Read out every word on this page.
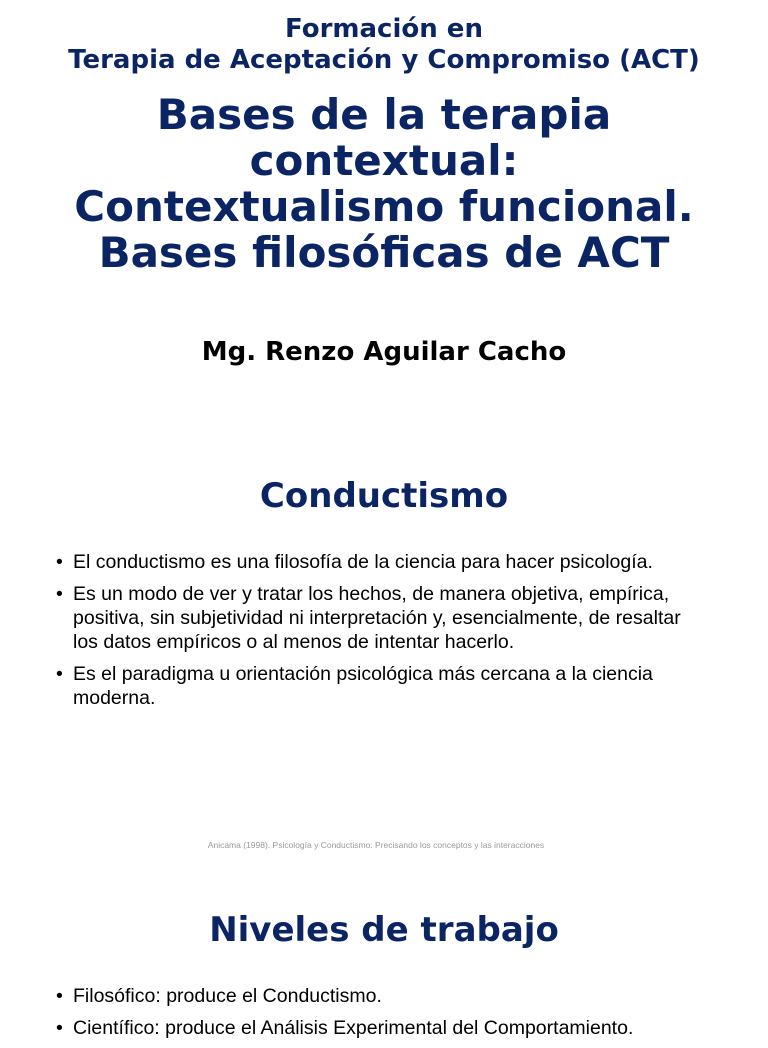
Formación en
Terapia de Aceptación y Compromiso (ACT)
Bases de la terapia
contextual:
Contextualismo funcional.
Bases filosóficas de ACT

Mg. Renzo Aguilar Cacho

Conductismo
• El conductismo es una filosofía de la ciencia para hacer psicología.
• Es un modo de ver y tratar los hechos, de manera objetiva, empírica, positiva, sin subjetividad ni interpretación y, esencialmente, de resaltar los datos empíricos o al menos de intentar hacerlo.
• Es el paradigma u orientación psicológica más cercana a la ciencia moderna.

Anicama (1998). Psicología y Conductismo: Precisando los conceptos y las interacciones

Niveles de trabajo
• Filosófico: produce el Conductismo.
• Científico: produce el Análisis Experimental del Comportamiento.
